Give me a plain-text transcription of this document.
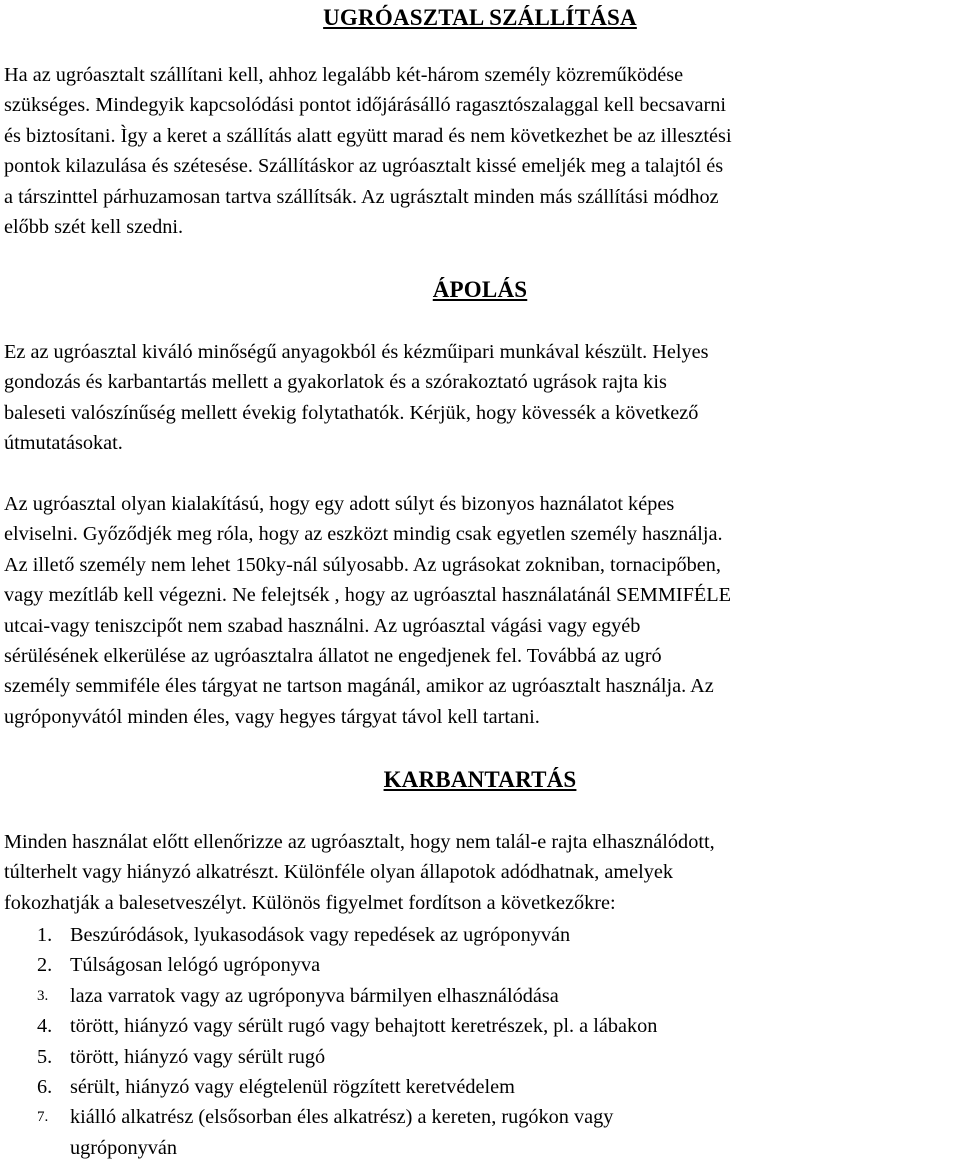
UGRÓASZTAL SZÁLLÍTÁSA
Ha az ugróasztalt szállítani kell, ahhoz legalább két-három személy közreműködése
szükséges. Mindegyik kapcsolódási pontot időjárásálló ragasztószalaggal kell becsavarni
és biztosítani. Ìgy a keret a szállítás alatt együtt marad és nem következhet be az illesztési
pontok kilazulása és szétesése. Szállításkor az ugróasztalt kissé emeljék meg a talajtól és
a társzinttel párhuzamosan tartva szállítsák. Az ugrásztalt minden más szállítási módhoz
előbb szét kell szedni.
ÁPOLÁS
Ez az ugróasztal kiváló minőségű anyagokból és kézműipari munkával készült. Helyes
gondozás és karbantartás mellett a gyakorlatok és a szórakoztató ugrások rajta kis
baleseti valószínűség mellett évekig folytathatók. Kérjük, hogy kövessék a következő
útmutatásokat.
Az ugróasztal olyan kialakítású, hogy egy adott súlyt és bizonyos haználatot képes
elviselni. Győződjék meg róla, hogy az eszközt mindig csak egyetlen személy használja.
Az illető személy nem lehet 150ky-nál súlyosabb. Az ugrásokat zokniban, tornacipőben,
vagy mezítláb kell végezni. Ne felejtsék , hogy az ugróasztal használatánál SEMMIFÉLE
utcai-vagy teniszcipőt nem szabad használni. Az ugróasztal vágási vagy egyéb
sérülésének elkerülése az ugróasztalra állatot ne engedjenek fel. Továbbá az ugró
személy semmiféle éles tárgyat ne tartson magánál, amikor az ugróasztalt használja. Az
ugróponyvától minden éles, vagy hegyes tárgyat távol kell tartani.
KARBANTARTÁS
Minden használat előtt ellenőrizze az ugróasztalt, hogy nem talál-e rajta elhasználódott,
túlterhelt vagy hiányzó alkatrészt. Különféle olyan állapotok adódhatnak, amelyek
fokozhatják a balesetveszélyt. Különös figyelmet fordítson a következőkre:
1. Beszúródások, lyukasodások vagy repedések az ugróponyván
2. Túlságosan lelógó ugróponyva
3. laza varratok vagy az ugróponyva bármilyen elhasználódása
4. törött, hiányzó vagy sérült rugó vagy behajtott keretrészek, pl. a lábakon
5. törött, hiányzó vagy sérült rugó
6. sérült, hiányzó vagy elégtelenül rögzített keretvédelem
7. kiálló alkatrész (elsősorban éles alkatrész) a kereten, rugókon vagy
ugróponyván
